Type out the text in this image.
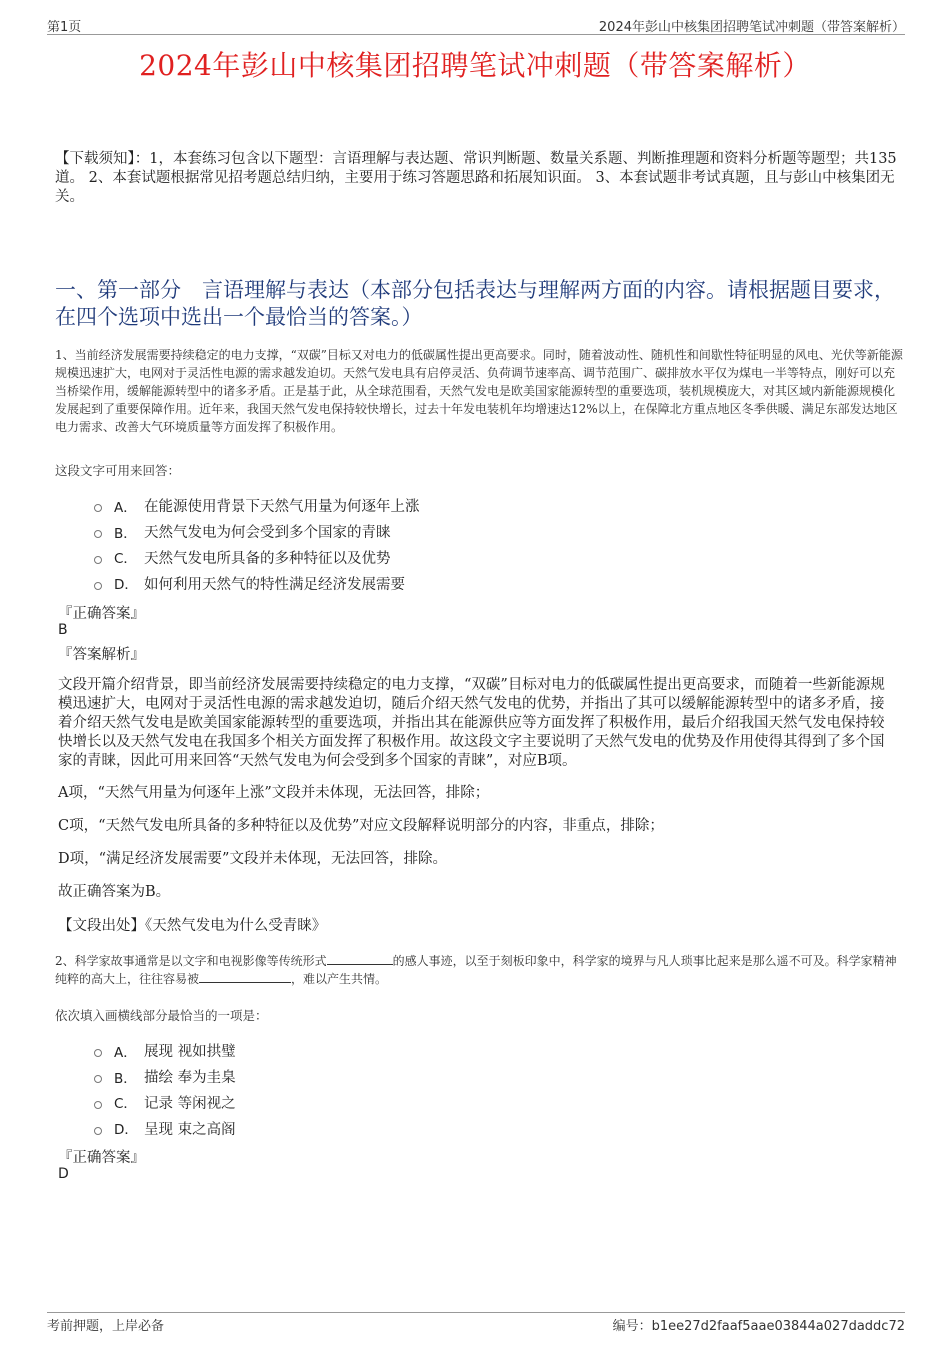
第1页	2024年彭山中核集团招聘笔试冲刺题（带答案解析）
2024年彭山中核集团招聘笔试冲刺题（带答案解析）
【下载须知】：1，本套练习包含以下题型：言语理解与表达题、常识判断题、数量关系题、判断推理题和资料分析题等题型；共135道。 2、本套试题根据常见招考题总结归纳，主要用于练习答题思路和拓展知识面。 3、本套试题非考试真题，且与彭山中核集团无关。
一、第一部分　言语理解与表达（本部分包括表达与理解两方面的内容。请根据题目要求，在四个选项中选出一个最恰当的答案。）
1、当前经济发展需要持续稳定的电力支撑，“双碳”目标又对电力的低碳属性提出更高要求。同时，随着波动性、随机性和间歇性特征明显的风电、光伏等新能源规模迅速扩大，电网对于灵活性电源的需求越发迫切。天然气发电具有启停灵活、负荷调节速率高、调节范围广、碳排放水平仅为煤电一半等特点，刚好可以充当桥梁作用，缓解能源转型中的诸多矛盾。正是基于此，从全球范围看，天然气发电是欧美国家能源转型的重要选项，装机规模庞大，对其区域内新能源规模化发展起到了重要保障作用。近年来，我国天然气发电保持较快增长，过去十年发电装机年均增速达12%以上，在保障北方重点地区冬季供暖、满足东部发达地区电力需求、改善大气环境质量等方面发挥了积极作用。
这段文字可用来回答：
A． 在能源使用背景下天然气用量为何逐年上涨
B． 天然气发电为何会受到多个国家的青睐
C． 天然气发电所具备的多种特征以及优势
D． 如何利用天然气的特性满足经济发展需要
『正确答案』
B
『答案解析』
文段开篇介绍背景，即当前经济发展需要持续稳定的电力支撑，“双碳”目标对电力的低碳属性提出更高要求，而随着一些新能源规模迅速扩大，电网对于灵活性电源的需求越发迫切，随后介绍天然气发电的优势，并指出了其可以缓解能源转型中的诸多矛盾，接着介绍天然气发电是欧美国家能源转型的重要选项，并指出其在能源供应等方面发挥了积极作用，最后介绍我国天然气发电保持较快增长以及天然气发电在我国多个相关方面发挥了积极作用。故这段文字主要说明了天然气发电的优势及作用使得其得到了多个国家的青睐，因此可用来回答“天然气发电为何会受到多个国家的青睐”，对应B项。
A项，“天然气用量为何逐年上涨”文段并未体现，无法回答，排除；
C项，“天然气发电所具备的多种特征以及优势”对应文段解释说明部分的内容，非重点，排除；
D项，“满足经济发展需要”文段并未体现，无法回答，排除。
故正确答案为B。
【文段出处】《天然气发电为什么受青睐》
2、科学家故事通常是以文字和电视影像等传统形式	的感人事迹，以至于刻板印象中，科学家的境界与凡人琐事比起来是那么遥不可及。科学家精神纯粹的高大上，往往容易被	，难以产生共情。
依次填入画横线部分最恰当的一项是：
A． 展现 视如拱璧
B． 描绘 奉为圭臬
C． 记录 等闲视之
D． 呈现 束之高阁
『正确答案』
D
考前押题，上岸必备	编号：b1ee27d2faaf5aae03844a027daddc72
